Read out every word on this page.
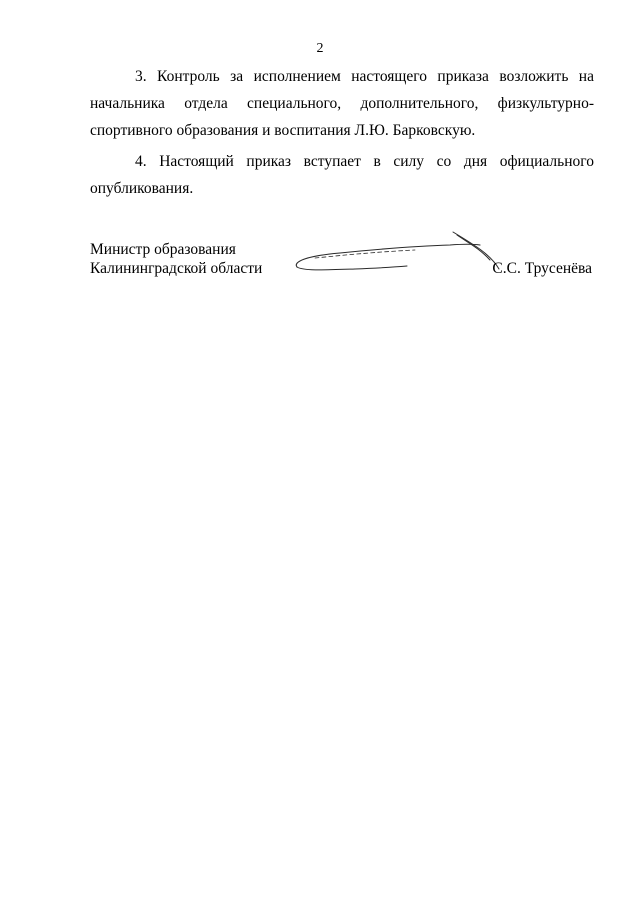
2

3. Контроль за исполнением настоящего приказа возложить на начальника отдела специального, дополнительного, физкультурно-спортивного образования и воспитания Л.Ю. Барковскую.

4. Настоящий приказ вступает в силу со дня официального опубликования.

Министр образования
Калининградской области	С.С. Трусенёва
